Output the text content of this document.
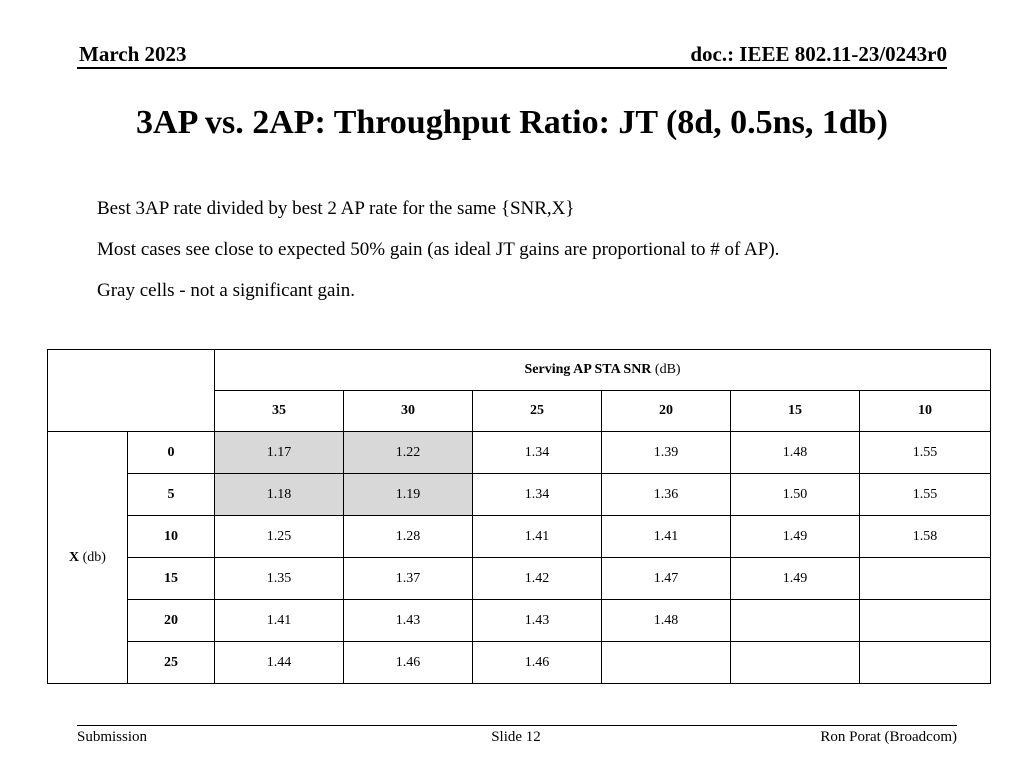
March 2023	doc.: IEEE 802.11-23/0243r0
3AP vs. 2AP: Throughput Ratio: JT (8d, 0.5ns, 1db)
Best 3AP rate divided by best 2 AP rate for the same {SNR,X}
Most cases see close to expected 50% gain (as ideal JT gains are proportional to # of AP).
Gray cells - not a significant gain.
		Serving AP STA SNR (dB)					
		35	30	25	20	15	10
X (db)	0	1.17	1.22	1.34	1.39	1.48	1.55
	5	1.18	1.19	1.34	1.36	1.50	1.55
	10	1.25	1.28	1.41	1.41	1.49	1.58
	15	1.35	1.37	1.42	1.47	1.49	
	20	1.41	1.43	1.43	1.48		
	25	1.44	1.46	1.46			
Submission	Slide 12	Ron Porat (Broadcom)
